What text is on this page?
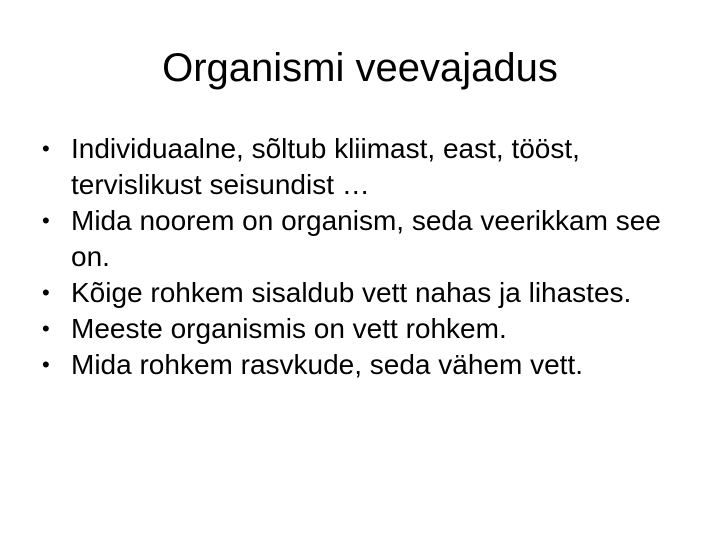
Organismi veevajadus
• Individuaalne, sõltub kliimast, east, tööst, tervislikust seisundist …
• Mida noorem on organism, seda veerikkam see on.
• Kõige rohkem sisaldub vett nahas ja lihastes.
• Meeste organismis on vett rohkem.
• Mida rohkem rasvkude, seda vähem vett.
